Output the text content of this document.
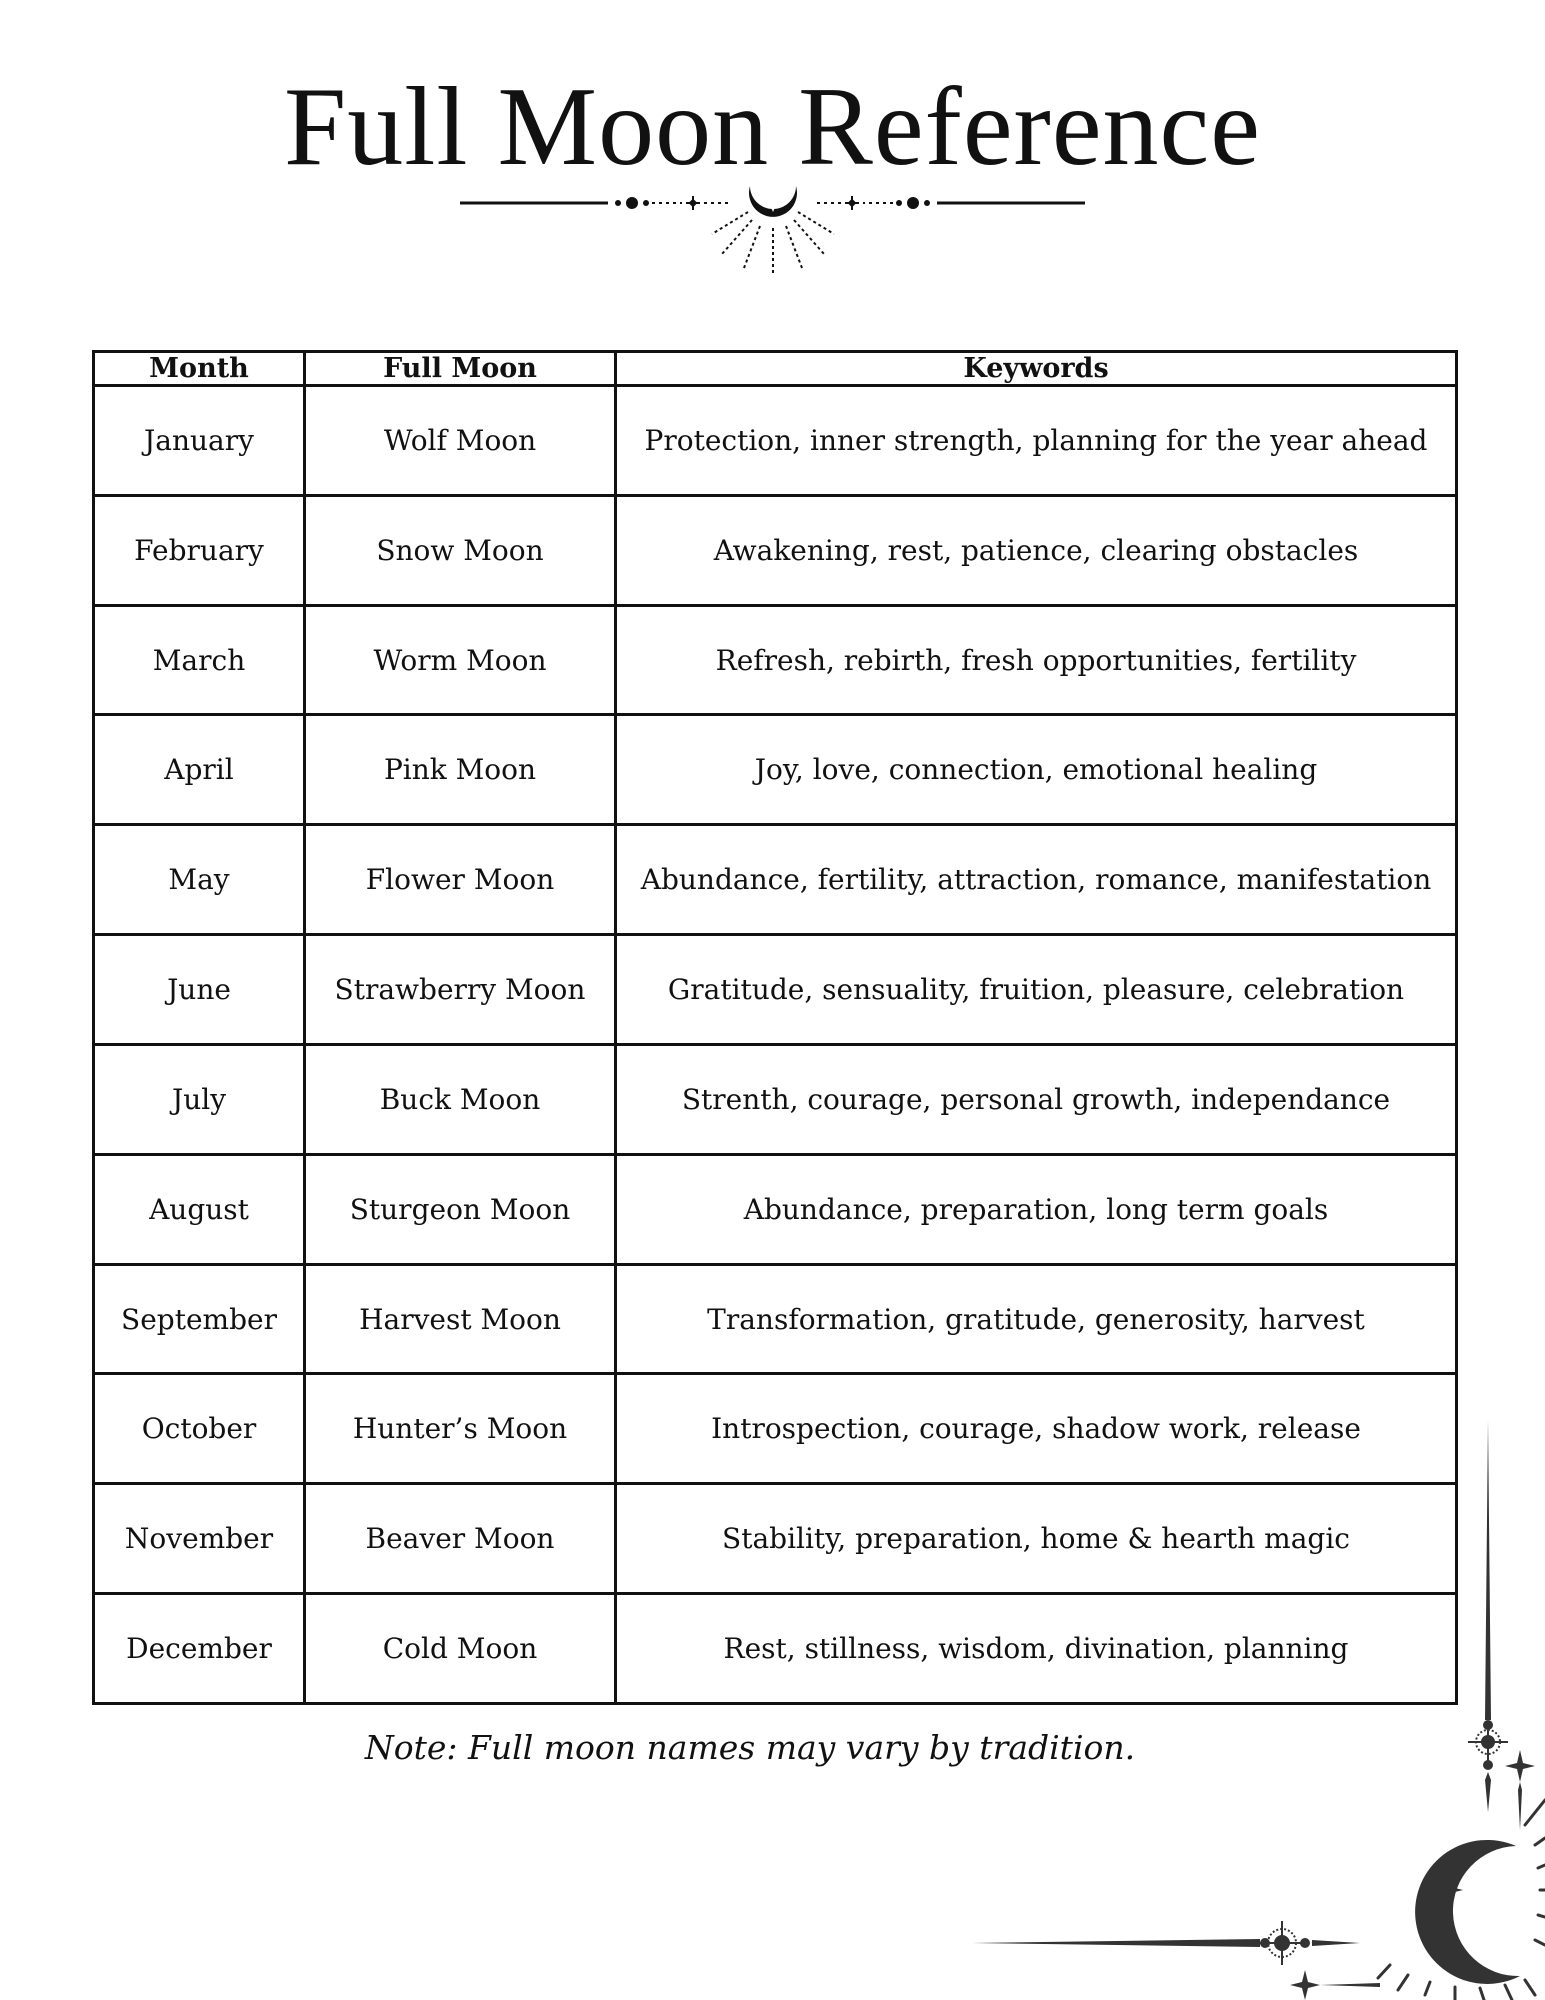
Full Moon Reference
Month	Full Moon	Keywords
January	Wolf Moon	Protection, inner strength, planning for the year ahead
February	Snow Moon	Awakening, rest, patience, clearing obstacles
March	Worm Moon	Refresh, rebirth, fresh opportunities, fertility
April	Pink Moon	Joy, love, connection, emotional healing
May	Flower Moon	Abundance, fertility, attraction, romance, manifestation
June	Strawberry Moon	Gratitude, sensuality, fruition, pleasure, celebration
July	Buck Moon	Strenth, courage, personal growth, independance
August	Sturgeon Moon	Abundance, preparation, long term goals
September	Harvest Moon	Transformation, gratitude, generosity, harvest
October	Hunter’s Moon	Introspection, courage, shadow work, release
November	Beaver Moon	Stability, preparation, home & hearth magic
December	Cold Moon	Rest, stillness, wisdom, divination, planning
Note: Full moon names may vary by tradition.
